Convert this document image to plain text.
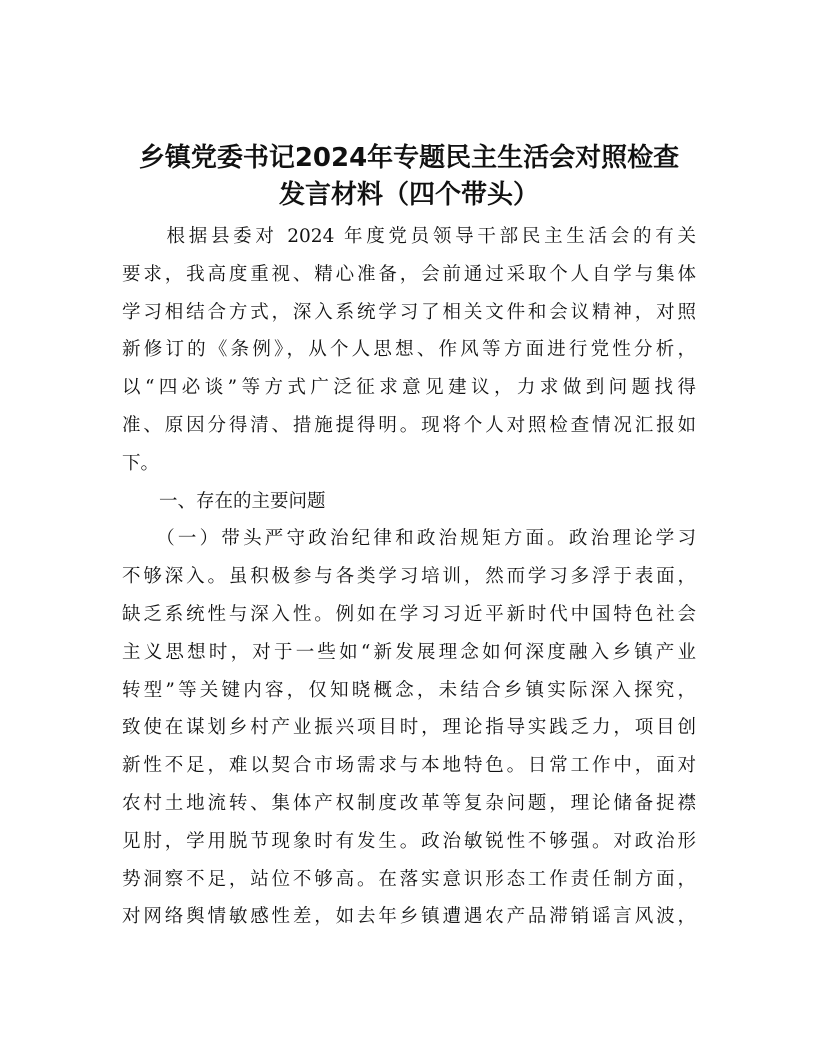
乡镇党委书记2024年专题民主生活会对照检查
发言材料（四个带头）
　　根据县委对 2024 年度党员领导干部民主生活会的有关
要求，我高度重视、精心准备，会前通过采取个人自学与集体
学习相结合方式，深入系统学习了相关文件和会议精神，对照
新修订的《条例》，从个人思想、作风等方面进行党性分析，
以“四必谈”等方式广泛征求意见建议，力求做到问题找得
准、原因分得清、措施提得明。现将个人对照检查情况汇报如
下。

　　一、存在的主要问题

　　（一）带头严守政治纪律和政治规矩方面。政治理论学习
不够深入。虽积极参与各类学习培训，然而学习多浮于表面，
缺乏系统性与深入性。例如在学习习近平新时代中国特色社会
主义思想时，对于一些如“新发展理念如何深度融入乡镇产业
转型”等关键内容，仅知晓概念，未结合乡镇实际深入探究，
致使在谋划乡村产业振兴项目时，理论指导实践乏力，项目创
新性不足，难以契合市场需求与本地特色。日常工作中，面对
农村土地流转、集体产权制度改革等复杂问题，理论储备捉襟
见肘，学用脱节现象时有发生。政治敏锐性不够强。对政治形
势洞察不足，站位不够高。在落实意识形态工作责任制方面，
对网络舆情敏感性差，如去年乡镇遭遇农产品滞销谣言风波，
